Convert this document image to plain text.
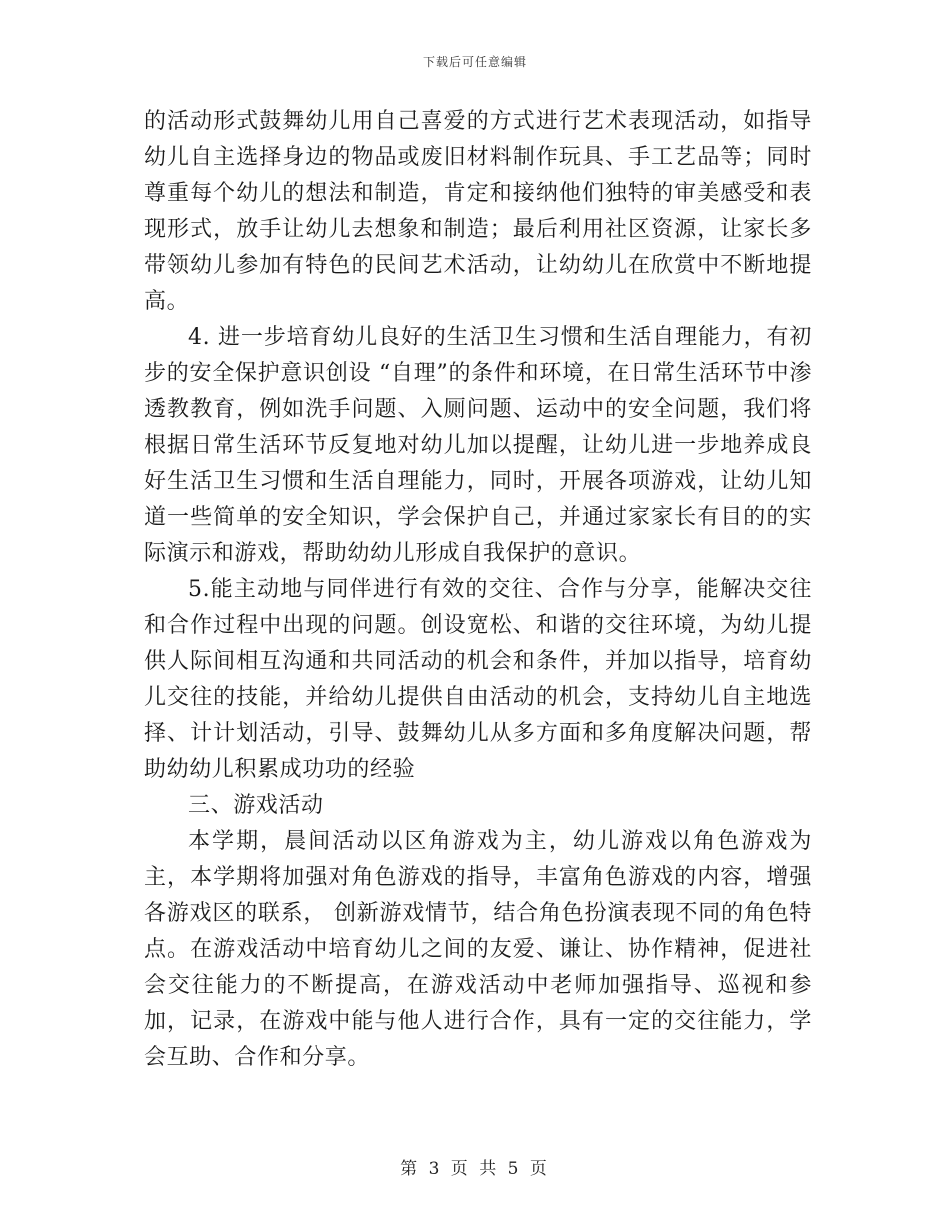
下载后可任意编辑

的活动形式鼓舞幼儿用自己喜爱的方式进行艺术表现活动，如指导幼儿自主选择身边的物品或废旧材料制作玩具、手工艺品等；同时尊重每个幼儿的想法和制造，肯定和接纳他们独特的审美感受和表现形式，放手让幼儿去想象和制造；最后利用社区资源，让家长多带领幼儿参加有特色的民间艺术活动，让幼幼儿在欣赏中不断地提高。

4. 进一步培育幼儿良好的生活卫生习惯和生活自理能力，有初步的安全保护意识创设 “自理”的条件和环境，在日常生活环节中渗透教教育，例如洗手问题、入厕问题、运动中的安全问题，我们将根据日常生活环节反复地对幼儿加以提醒，让幼儿进一步地养成良好生活卫生习惯和生活自理能力，同时，开展各项游戏，让幼儿知道一些简单的安全知识，学会保护自己，并通过家家长有目的的实际演示和游戏，帮助幼幼儿形成自我保护的意识。

5.能主动地与同伴进行有效的交往、合作与分享，能解决交往和合作过程中出现的问题。创设宽松、和谐的交往环境，为幼儿提供人际间相互沟通和共同活动的机会和条件，并加以指导，培育幼儿交往的技能，并给幼儿提供自由活动的机会，支持幼儿自主地选择、计计划活动，引导、鼓舞幼儿从多方面和多角度解决问题，帮助幼幼儿积累成功功的经验

三、游戏活动

本学期，晨间活动以区角游戏为主，幼儿游戏以角色游戏为主，本学期将加强对角色游戏的指导，丰富角色游戏的内容，增强各游戏区的联系， 创新游戏情节，结合角色扮演表现不同的角色特点。在游戏活动中培育幼儿之间的友爱、谦让、协作精神，促进社会交往能力的不断提高，在游戏活动中老师加强指导、巡视和参加，记录，在游戏中能与他人进行合作，具有一定的交往能力，学会互助、合作和分享。

第 3 页 共 5 页
